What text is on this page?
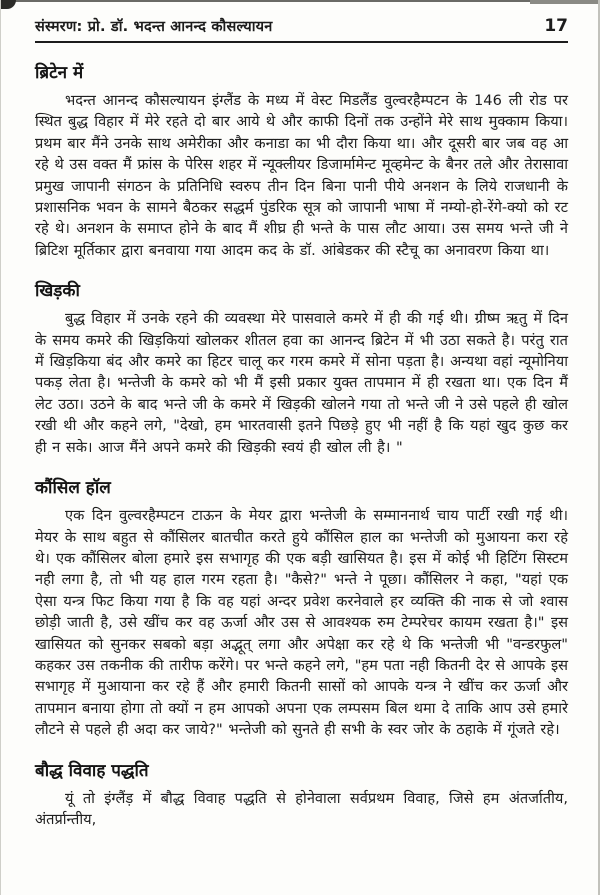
संस्मरण: प्रो. डॉ. भदन्त आनन्द कौसल्यायन	17
ब्रिटेन में

भदन्त आनन्द कौसल्यायन इंग्लैंड के मध्य में वेस्ट मिडलैंड वुल्वरहैम्पटन के 146 ली रोड पर स्थित बुद्ध विहार में मेरे रहते दो बार आये थे और काफी दिनों तक उन्होंने मेरे साथ मुक्काम किया। प्रथम बार मैंने उनके साथ अमेरीका और कनाडा का भी दौरा किया था। और दूसरी बार जब वह आ रहे थे उस वक्त मैं फ्रांस के पेरिस शहर में न्यूक्लीयर डिजार्मामेन्ट मूव्हमेन्ट के बैनर तले और तेरासावा प्रमुख जापानी संगठन के प्रतिनिधि स्वरुप तीन दिन बिना पानी पीये अनशन के लिये राजधानी के प्रशासनिक भवन के सामने बैठकर सद्धर्म पुंडरिक सूत्र को जापानी भाषा में नम्यो-हो-रेंगे-क्यो को रट रहे थे। अनशन के समाप्त होने के बाद मैं शीघ्र ही भन्ते के पास लौट आया। उस समय भन्ते जी ने ब्रिटिश मूर्तिकार द्वारा बनवाया गया आदम कद के डॉ. आंबेडकर की स्टैचू का अनावरण किया था।

खिड़की

बुद्ध विहार में उनके रहने की व्यवस्था मेरे पासवाले कमरे में ही की गई थी। ग्रीष्म ऋतु में दिन के समय कमरे की खिड़कियां खोलकर शीतल हवा का आनन्द ब्रिटेन में भी उठा सकते है। परंतु रात में खिड़किया बंद और कमरे का हिटर चालू कर गरम कमरे में सोना पड़ता है। अन्यथा वहां न्यूमोनिया पकड़ लेता है। भन्तेजी के कमरे को भी मैं इसी प्रकार युक्त तापमान में ही रखता था। एक दिन मैं लेट उठा। उठने के बाद भन्ते जी के कमरे में खिड़की खोलने गया तो भन्ते जी ने उसे पहले ही खोल रखी थी और कहने लगे, "देखो, हम भारतवासी इतने पिछड़े हुए भी नहीं है कि यहां खुद कुछ कर ही न सके। आज मैंने अपने कमरे की खिड़की स्वयं ही खोल ली है। "

कौंसिल हॉल

एक दिन वुल्वरहैम्पटन टाऊन के मेयर द्वारा भन्तेजी के सम्माननार्थ चाय पार्टी रखी गई थी। मेयर के साथ बहुत से कौंसिलर बातचीत करते हुये कौंसिल हाल का भन्तेजी को मुआयना करा रहे थे। एक कौंसिलर बोला हमारे इस सभागृह की एक बड़ी खासियत है। इस में कोई भी हिटिंग सिस्टम नही लगा है, तो भी यह हाल गरम रहता है। "कैसे?" भन्ते ने पूछा। कौंसिलर ने कहा, "यहां एक ऐसा यन्त्र फिट किया गया है कि वह यहां अन्दर प्रवेश करनेवाले हर व्यक्ति की नाक से जो श्वास छोड़ी जाती है, उसे खींच कर वह ऊर्जा और उस से आवश्यक रुम टेम्परेचर कायम रखता है।" इस खासियत को सुनकर सबको बड़ा अद्भूत् लगा और अपेक्षा कर रहे थे कि भन्तेजी भी "वन्डरफुल" कहकर उस तकनीक की तारीफ करेंगे। पर भन्ते कहने लगे, "हम पता नही कितनी देर से आपके इस सभागृह में मुआयाना कर रहे हैं और हमारी कितनी सासों को आपके यन्त्र ने खींच कर ऊर्जा और तापमान बनाया होगा तो क्यों न हम आपको अपना एक लम्पसम बिल थमा दे ताकि आप उसे हमारे लौटने से पहले ही अदा कर जाये?" भन्तेजी को सुनते ही सभी के स्वर जोर के ठहाके में गूंजते रहे।

बौद्ध विवाह पद्धति

यूं तो इंग्लैंड़ में बौद्ध विवाह पद्धति से होनेवाला सर्वप्रथम विवाह, जिसे हम अंतर्जातीय, अंतर्प्रान्तीय,
